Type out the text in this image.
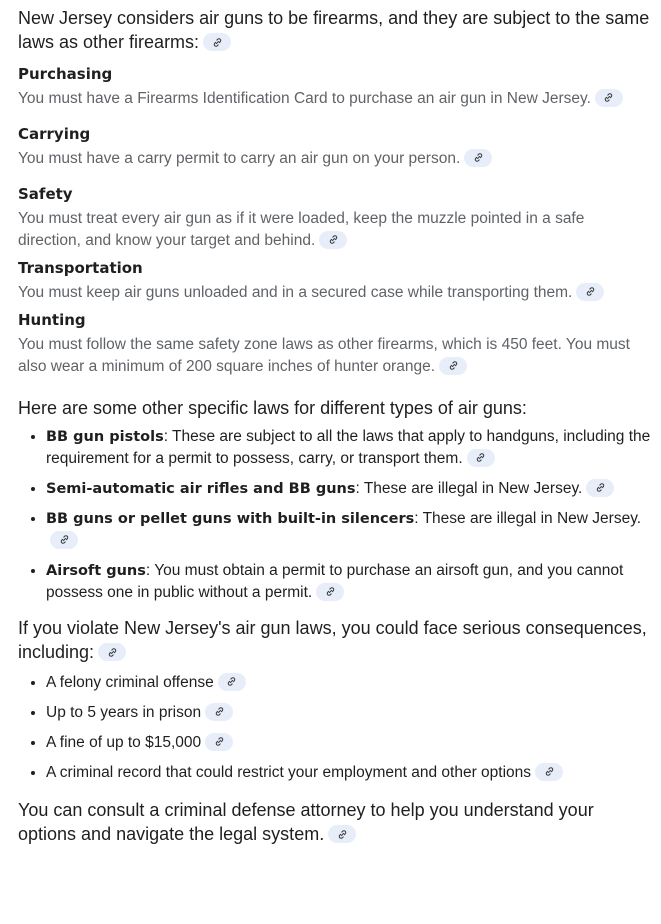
New Jersey considers air guns to be firearms, and they are subject to the same laws as other firearms:

Purchasing

You must have a Firearms Identification Card to purchase an air gun in New Jersey.

Carrying

You must have a carry permit to carry an air gun on your person.

Safety

You must treat every air gun as if it were loaded, keep the muzzle pointed in a safe direction, and know your target and behind.

Transportation

You must keep air guns unloaded and in a secured case while transporting them.

Hunting

You must follow the same safety zone laws as other firearms, which is 450 feet. You must also wear a minimum of 200 square inches of hunter orange.

Here are some other specific laws for different types of air guns:

• BB gun pistols: These are subject to all the laws that apply to handguns, including the requirement for a permit to possess, carry, or transport them.
• Semi-automatic air rifles and BB guns: These are illegal in New Jersey.
• BB guns or pellet guns with built-in silencers: These are illegal in New Jersey.
• Airsoft guns: You must obtain a permit to purchase an airsoft gun, and you cannot possess one in public without a permit.

If you violate New Jersey's air gun laws, you could face serious consequences, including:

• A felony criminal offense
• Up to 5 years in prison
• A fine of up to $15,000
• A criminal record that could restrict your employment and other options

You can consult a criminal defense attorney to help you understand your options and navigate the legal system.
